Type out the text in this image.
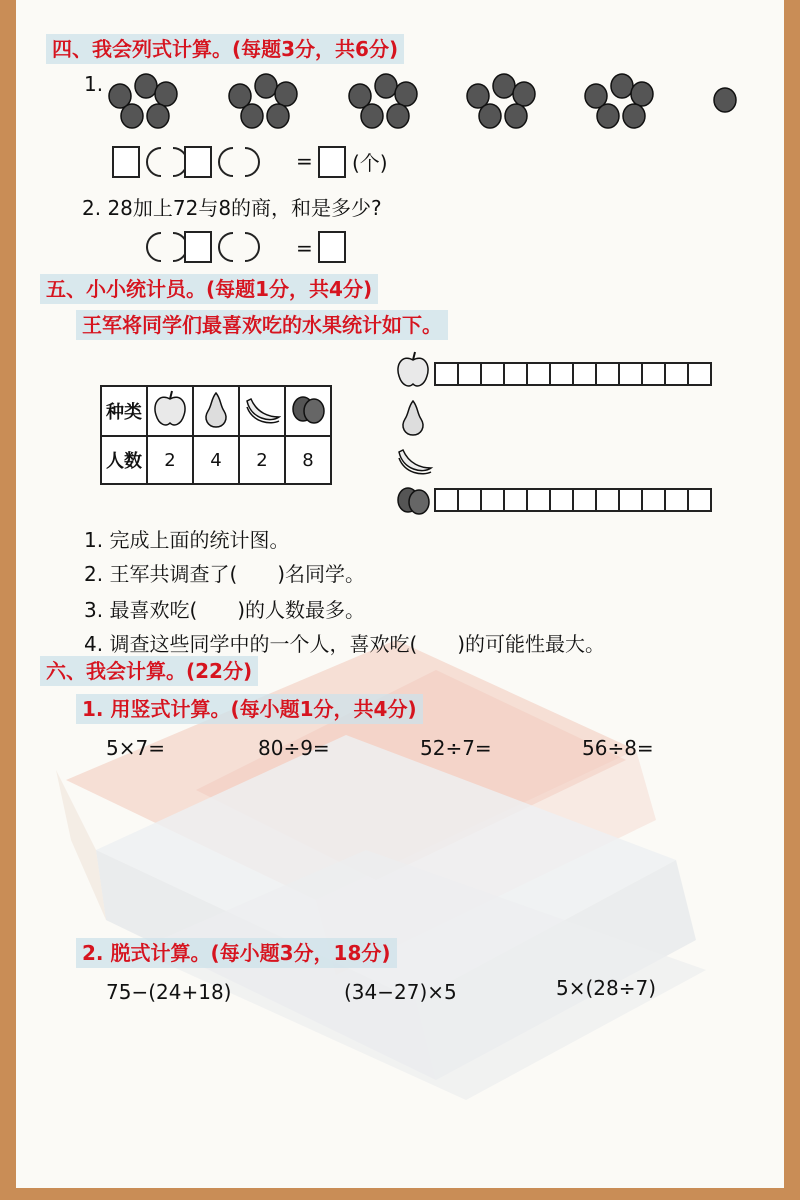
四、我会列式计算。(每题3分，共6分)
1.
= (个)
2. 28加上72与8的商，和是多少?
=
五、小小统计员。(每题1分，共4分)
王军将同学们最喜欢吃的水果统计如下。
种类				
人数	2	4	2	8
1. 完成上面的统计图。
2. 王军共调查了(　　)名同学。
3. 最喜欢吃(　　)的人数最多。
4. 调查这些同学中的一个人，喜欢吃(　　)的可能性最大。
六、我会计算。(22分)
1. 用竖式计算。(每小题1分，共4分)
5×7=	80÷9=	52÷7=	56÷8=
2. 脱式计算。(每小题3分，18分)
75−(24+18)	(34−27)×5	5×(28÷7)
